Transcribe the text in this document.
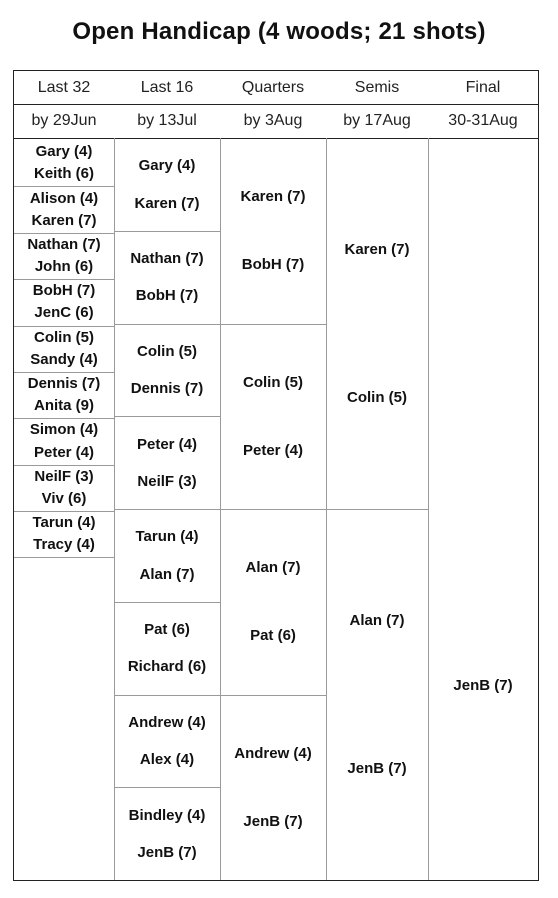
Open Handicap (4 woods; 21 shots)
Last 32
by 29Jun
Last 16
by 13Jul
Quarters
by 3Aug
Semis
by 17Aug
Final
30-31Aug
Gary (4)
Keith (6)
Alison (4)
Karen (7)
Nathan (7)
John (6)
BobH (7)
JenC (6)
Colin (5)
Sandy (4)
Dennis (7)
Anita (9)
Simon (4)
Peter (4)
NeilF (3)
Viv (6)
Tarun (4)
Tracy (4)
Gary (4)
Karen (7)
Nathan (7)
BobH (7)
Colin (5)
Dennis (7)
Peter (4)
NeilF (3)
Tarun (4)
Alan (7)
Pat (6)
Richard (6)
Andrew (4)
Alex (4)
Bindley (4)
JenB (7)
Karen (7)
BobH (7)
Colin (5)
Peter (4)
Alan (7)
Pat (6)
Andrew (4)
JenB (7)
Karen (7)
Colin (5)
Alan (7)
JenB (7)
JenB (7)
